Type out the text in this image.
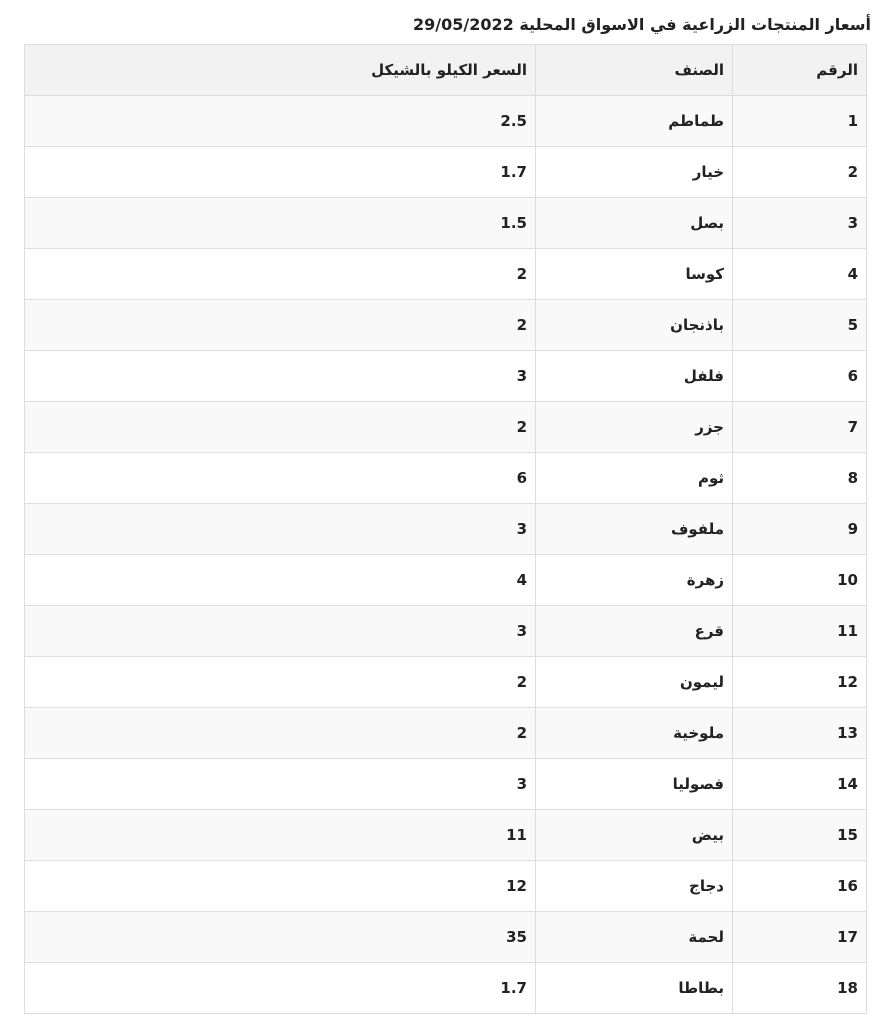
أسعار المنتجات الزراعية في الاسواق المحلية 29/05/2022
الرقم	الصنف	السعر الكيلو بالشيكل
1	طماطم	2.5
2	خيار	1.7
3	بصل	1.5
4	كوسا	2
5	باذنجان	2
6	فلفل	3
7	جزر	2
8	ثوم	6
9	ملفوف	3
10	زهرة	4
11	قرع	3
12	ليمون	2
13	ملوخية	2
14	فصوليا	3
15	بيض	11
16	دجاج	12
17	لحمة	35
18	بطاطا	1.7
